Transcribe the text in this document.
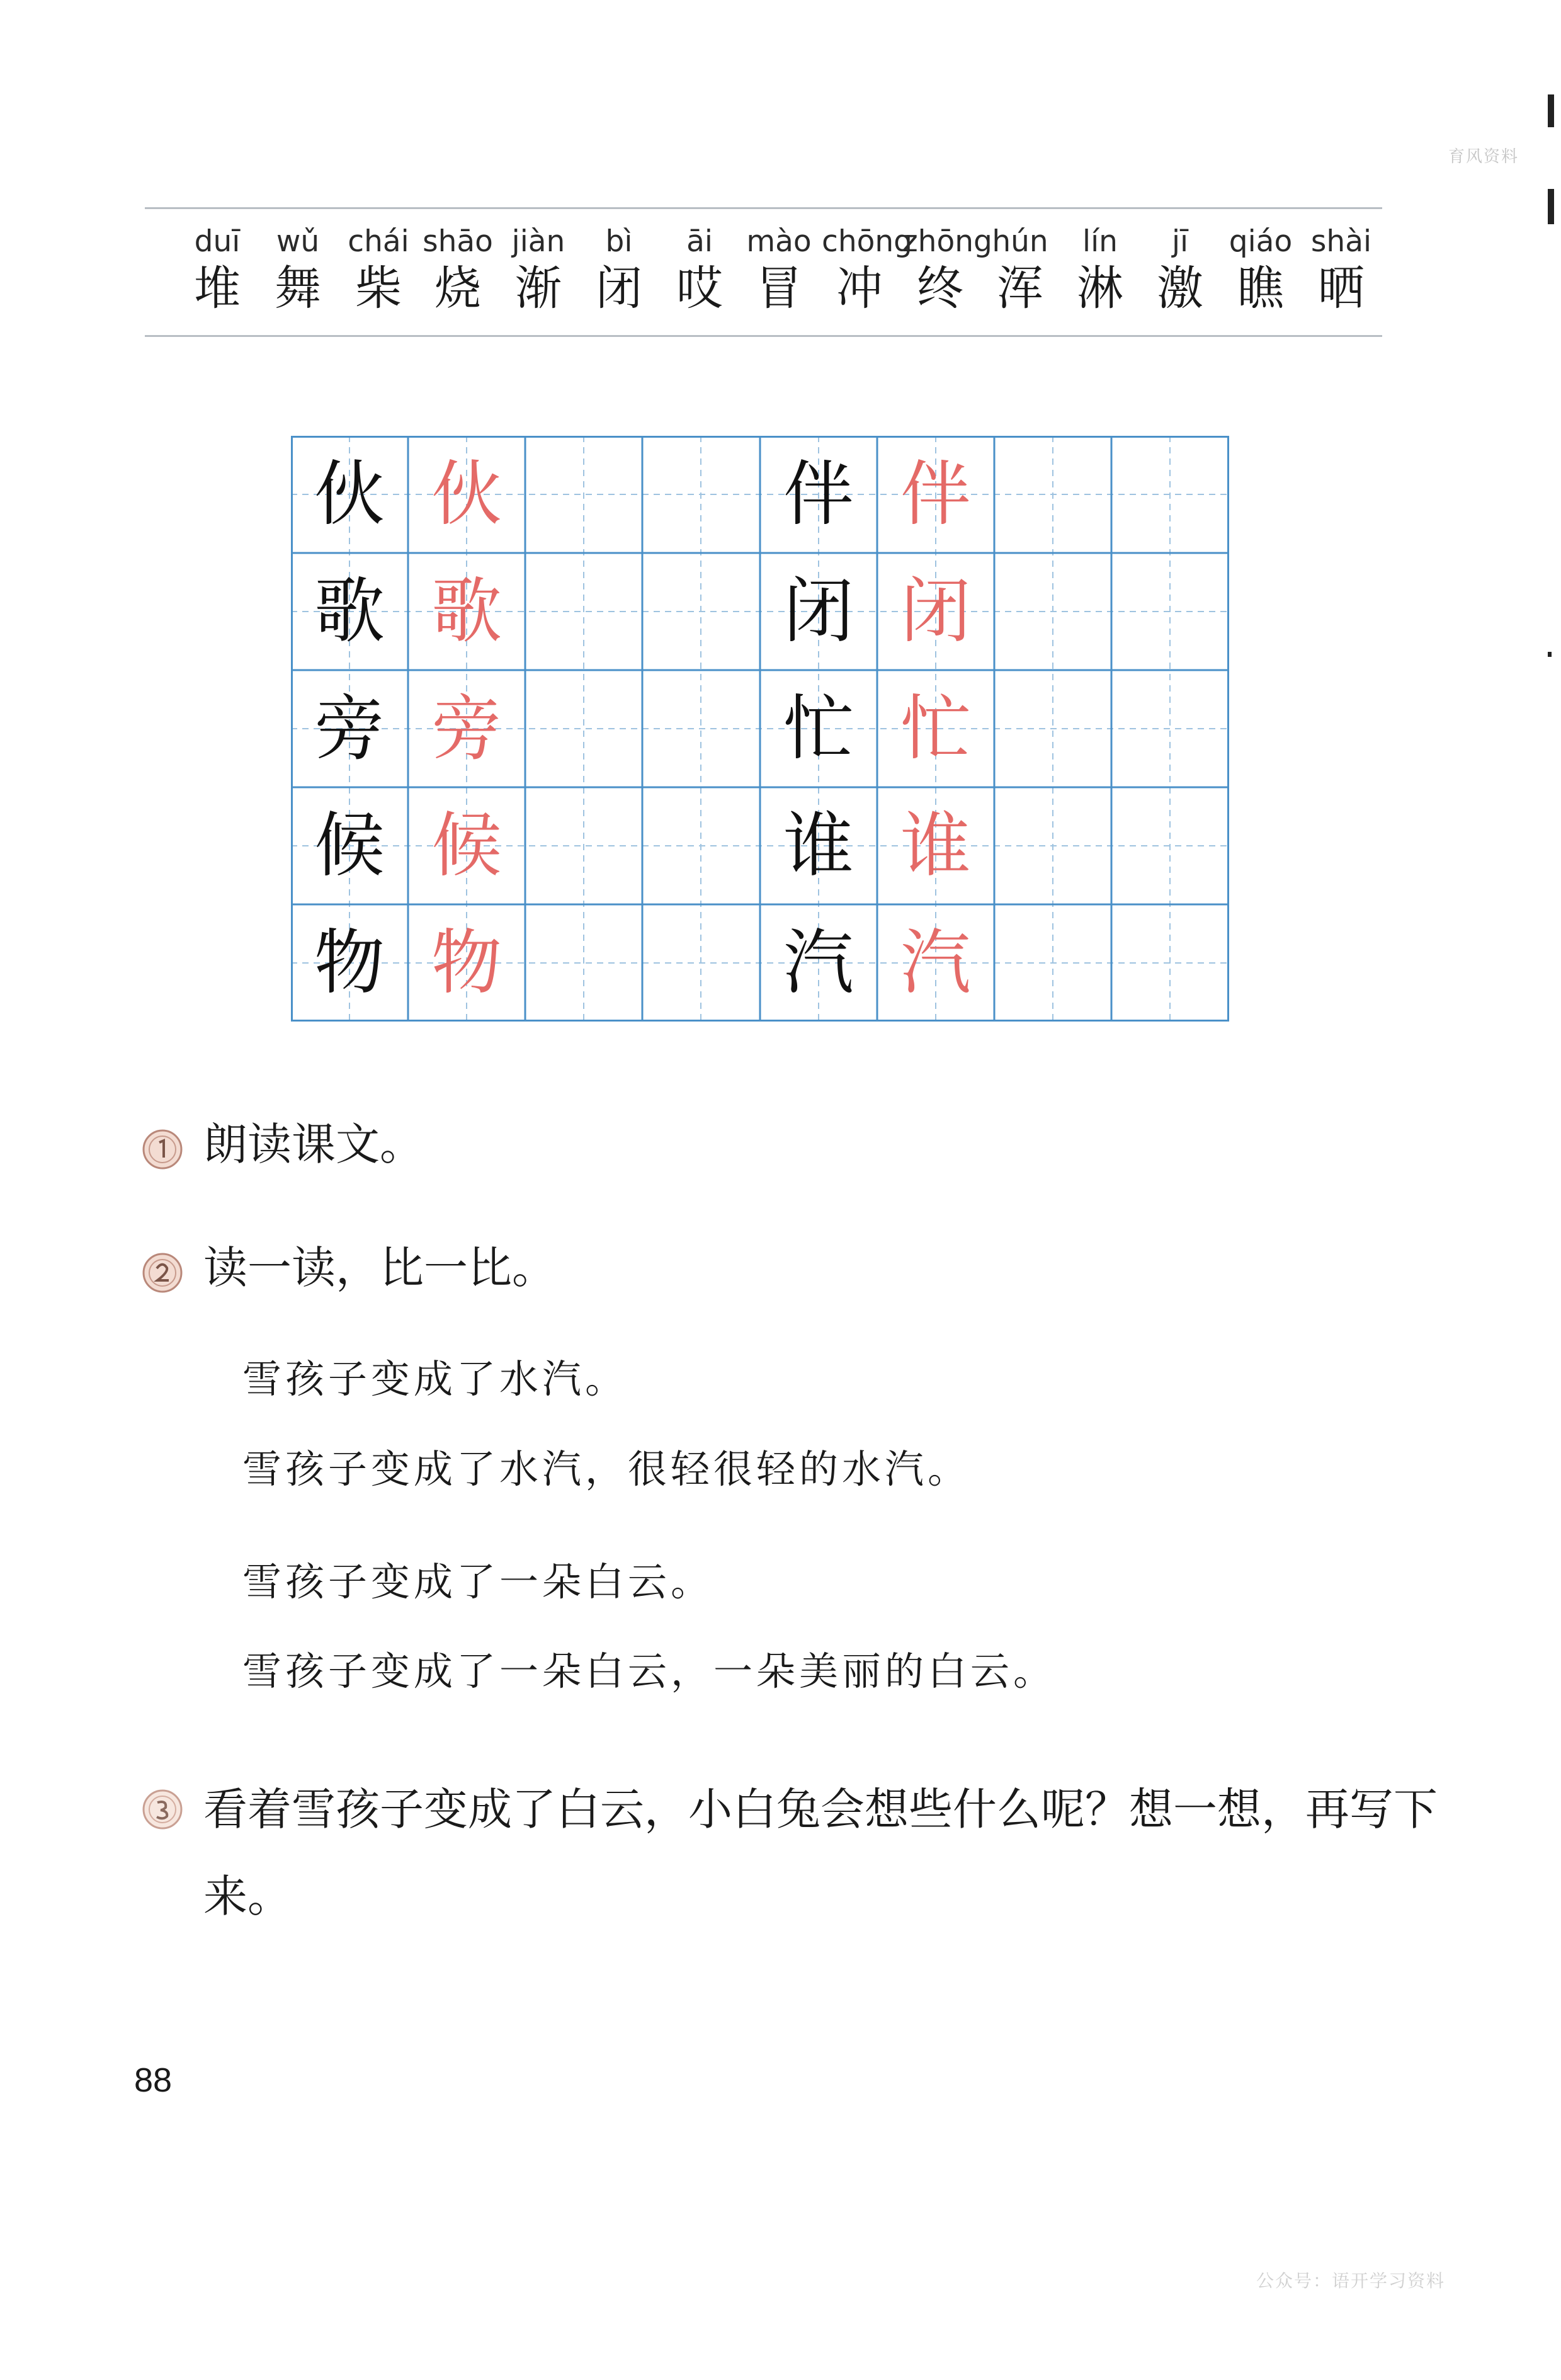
育风资料
duī
堆
wǔ
舞
chái
柴
shāo
烧
jiàn
渐
bì
闭
āi
哎
mào
冒
chōng
冲
zhōng
终
hún
浑
lín
淋
jī
激
qiáo
瞧
shài
晒
伙 伙	伴 伴
歌 歌	闭 闭
旁 旁	忙 忙
候 候	谁 谁
物 物	汽 汽
朗读课文。
读一读，比一比。
雪孩子变成了水汽。
雪孩子变成了水汽，很轻很轻的水汽。
雪孩子变成了一朵白云。
雪孩子变成了一朵白云，一朵美丽的白云。
看着雪孩子变成了白云，小白兔会想些什么呢？想一想，再写下来。
88
公众号：语开学习资料
